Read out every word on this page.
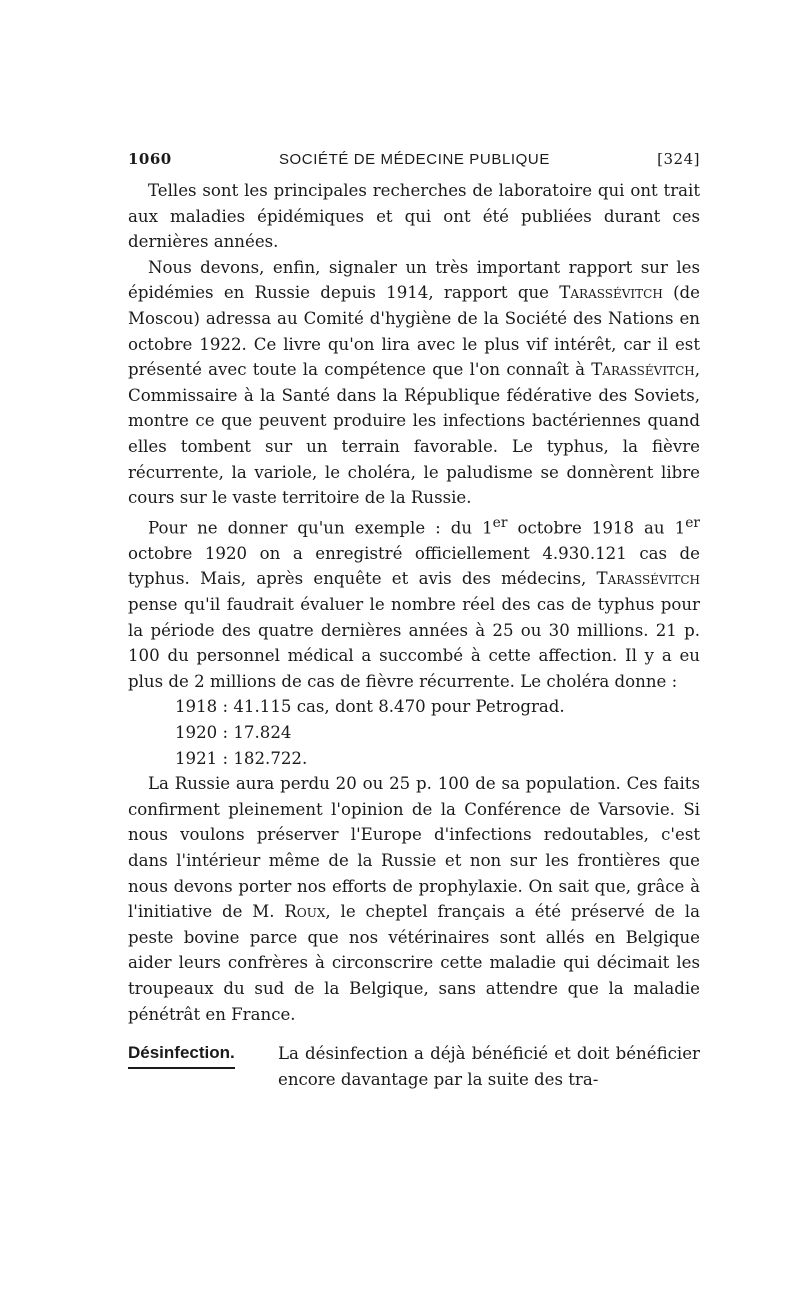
1060	SOCIÉTÉ DE MÉDECINE PUBLIQUE	[324]

Telles sont les principales recherches de laboratoire qui ont trait aux maladies épidémiques et qui ont été publiées durant ces dernières années.

Nous devons, enfin, signaler un très important rapport sur les épidémies en Russie depuis 1914, rapport que Tarassévitch (de Moscou) adressa au Comité d'hygiène de la Société des Nations en octobre 1922. Ce livre qu'on lira avec le plus vif intérêt, car il est présenté avec toute la compétence que l'on connaît à Tarassévitch, Commissaire à la Santé dans la République fédérative des Soviets, montre ce que peuvent produire les infections bactériennes quand elles tombent sur un terrain favorable. Le typhus, la fièvre récurrente, la variole, le choléra, le paludisme se donnèrent libre cours sur le vaste territoire de la Russie.

Pour ne donner qu'un exemple : du 1er octobre 1918 au 1er octobre 1920 on a enregistré officiellement 4.930.121 cas de typhus. Mais, après enquête et avis des médecins, Tarassévitch pense qu'il faudrait évaluer le nombre réel des cas de typhus pour la période des quatre dernières années à 25 ou 30 millions. 21 p. 100 du personnel médical a succombé à cette affection. Il y a eu plus de 2 millions de cas de fièvre récurrente. Le choléra donne :

1918 : 41.115 cas, dont 8.470 pour Petrograd.
1920 : 17.824
1921 : 182.722.

La Russie aura perdu 20 ou 25 p. 100 de sa population. Ces faits confirment pleinement l'opinion de la Conférence de Varsovie. Si nous voulons préserver l'Europe d'infections redoutables, c'est dans l'intérieur même de la Russie et non sur les frontières que nous devons porter nos efforts de prophylaxie. On sait que, grâce à l'initiative de M. Roux, le cheptel français a été préservé de la peste bovine parce que nos vétérinaires sont allés en Belgique aider leurs confrères à circonscrire cette maladie qui décimait les troupeaux du sud de la Belgique, sans attendre que la maladie pénétrât en France.

Désinfection.	La désinfection a déjà bénéficié et doit bénéficier encore davantage par la suite des tra-
